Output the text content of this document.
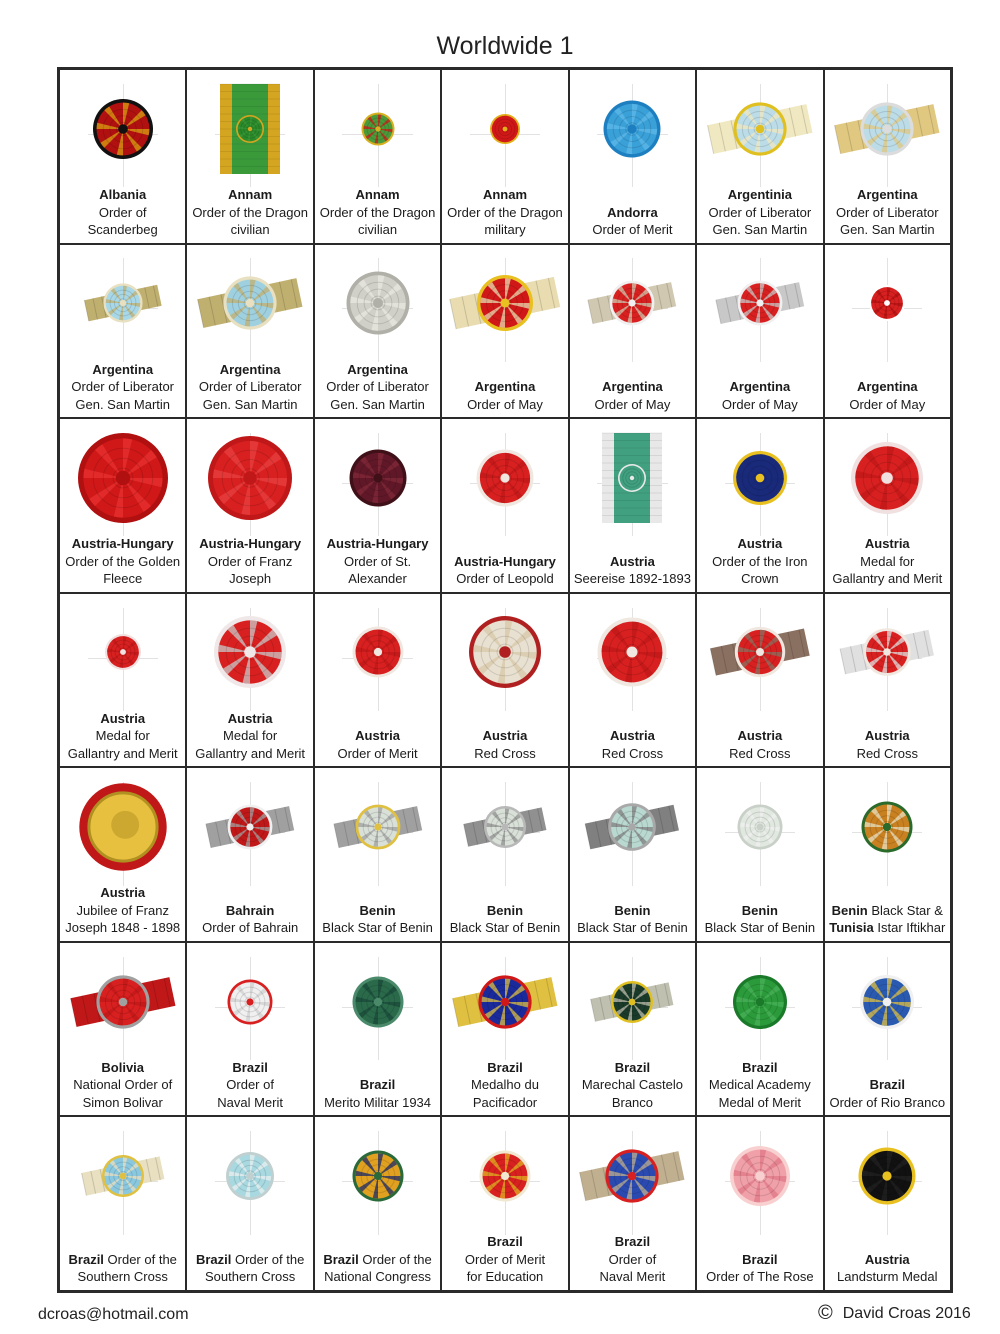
Worldwide 1
Albania
Order of
Scanderbeg
Annam
Order of the Dragon
civilian
Annam
Order of the Dragon
civilian
Annam
Order of the Dragon
military
Andorra
Order of Merit
Argentinia
Order of Liberator
Gen. San Martin
Argentina
Order of Liberator
Gen. San Martin
Argentina
Order of Liberator
Gen. San Martin
Argentina
Order of Liberator
Gen. San Martin
Argentina
Order of Liberator
Gen. San Martin
Argentina
Order of May
Argentina
Order of May
Argentina
Order of May
Argentina
Order of May
Austria-Hungary
Order of the Golden
Fleece
Austria-Hungary
Order of Franz
Joseph
Austria-Hungary
Order of St.
Alexander
Austria-Hungary
Order of Leopold
Austria
Seereise 1892-1893
Austria
Order of the Iron
Crown
Austria
Medal for
Gallantry and Merit
Austria
Medal for
Gallantry and Merit
Austria
Medal for
Gallantry and Merit
Austria
Order of Merit
Austria
Red Cross
Austria
Red Cross
Austria
Red Cross
Austria
Red Cross
Austria
Jubilee of Franz
Joseph 1848 - 1898
Bahrain
Order of Bahrain
Benin
Black Star of Benin
Benin
Black Star of Benin
Benin
Black Star of Benin
Benin
Black Star of Benin
Benin Black Star &
Tunisia Istar Iftikhar
Bolivia
National Order of
Simon Bolivar
Brazil
Order of
Naval Merit
Brazil
Merito Militar 1934
Brazil
Medalho du
Pacificador
Brazil
Marechal Castelo
Branco
Brazil
Medical Academy
Medal of Merit
Brazil
Order of Rio Branco
Brazil Order of the
Southern Cross
Brazil Order of the
Southern Cross
Brazil Order of the
National Congress
Brazil
Order of Merit
for Education
Brazil
Order of
Naval Merit
Brazil
Order of The Rose
Austria
Landsturm Medal
dcroas@hotmail.com	© David Croas 2016
